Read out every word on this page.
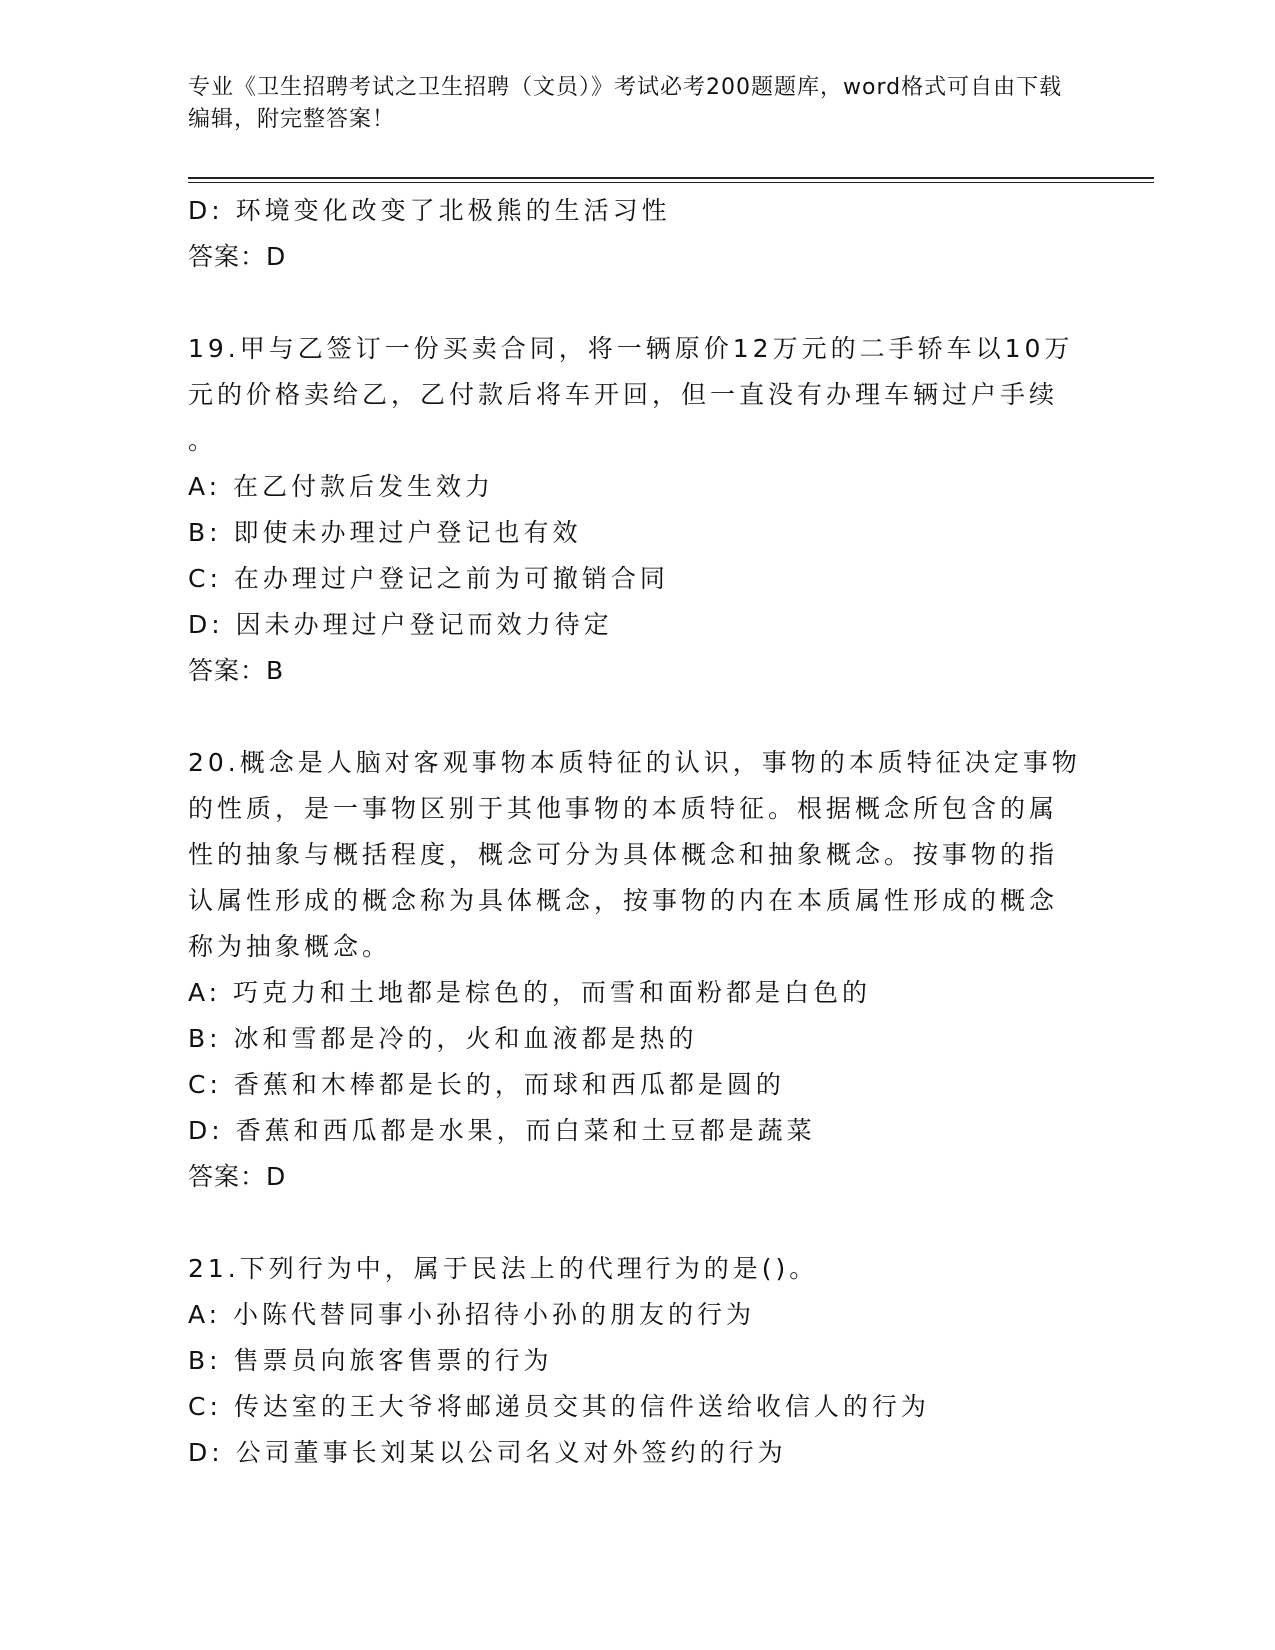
专业《卫生招聘考试之卫生招聘（文员）》考试必考200题题库，word格式可自由下载编辑，附完整答案！
D: 环境变化改变了北极熊的生活习性
答案：D
19.甲与乙签订一份买卖合同，将一辆原价12万元的二手轿车以10万
元的价格卖给乙，乙付款后将车开回，但一直没有办理车辆过户手续
。
A: 在乙付款后发生效力
B: 即使未办理过户登记也有效
C: 在办理过户登记之前为可撤销合同
D: 因未办理过户登记而效力待定
答案：B
20.概念是人脑对客观事物本质特征的认识，事物的本质特征决定事物
的性质，是一事物区别于其他事物的本质特征。根据概念所包含的属
性的抽象与概括程度，概念可分为具体概念和抽象概念。按事物的指
认属性形成的概念称为具体概念，按事物的内在本质属性形成的概念
称为抽象概念。
A: 巧克力和土地都是棕色的，而雪和面粉都是白色的
B: 冰和雪都是冷的，火和血液都是热的
C: 香蕉和木棒都是长的，而球和西瓜都是圆的
D: 香蕉和西瓜都是水果，而白菜和土豆都是蔬菜
答案：D
21.下列行为中，属于民法上的代理行为的是()。
A: 小陈代替同事小孙招待小孙的朋友的行为
B: 售票员向旅客售票的行为
C: 传达室的王大爷将邮递员交其的信件送给收信人的行为
D: 公司董事长刘某以公司名义对外签约的行为
